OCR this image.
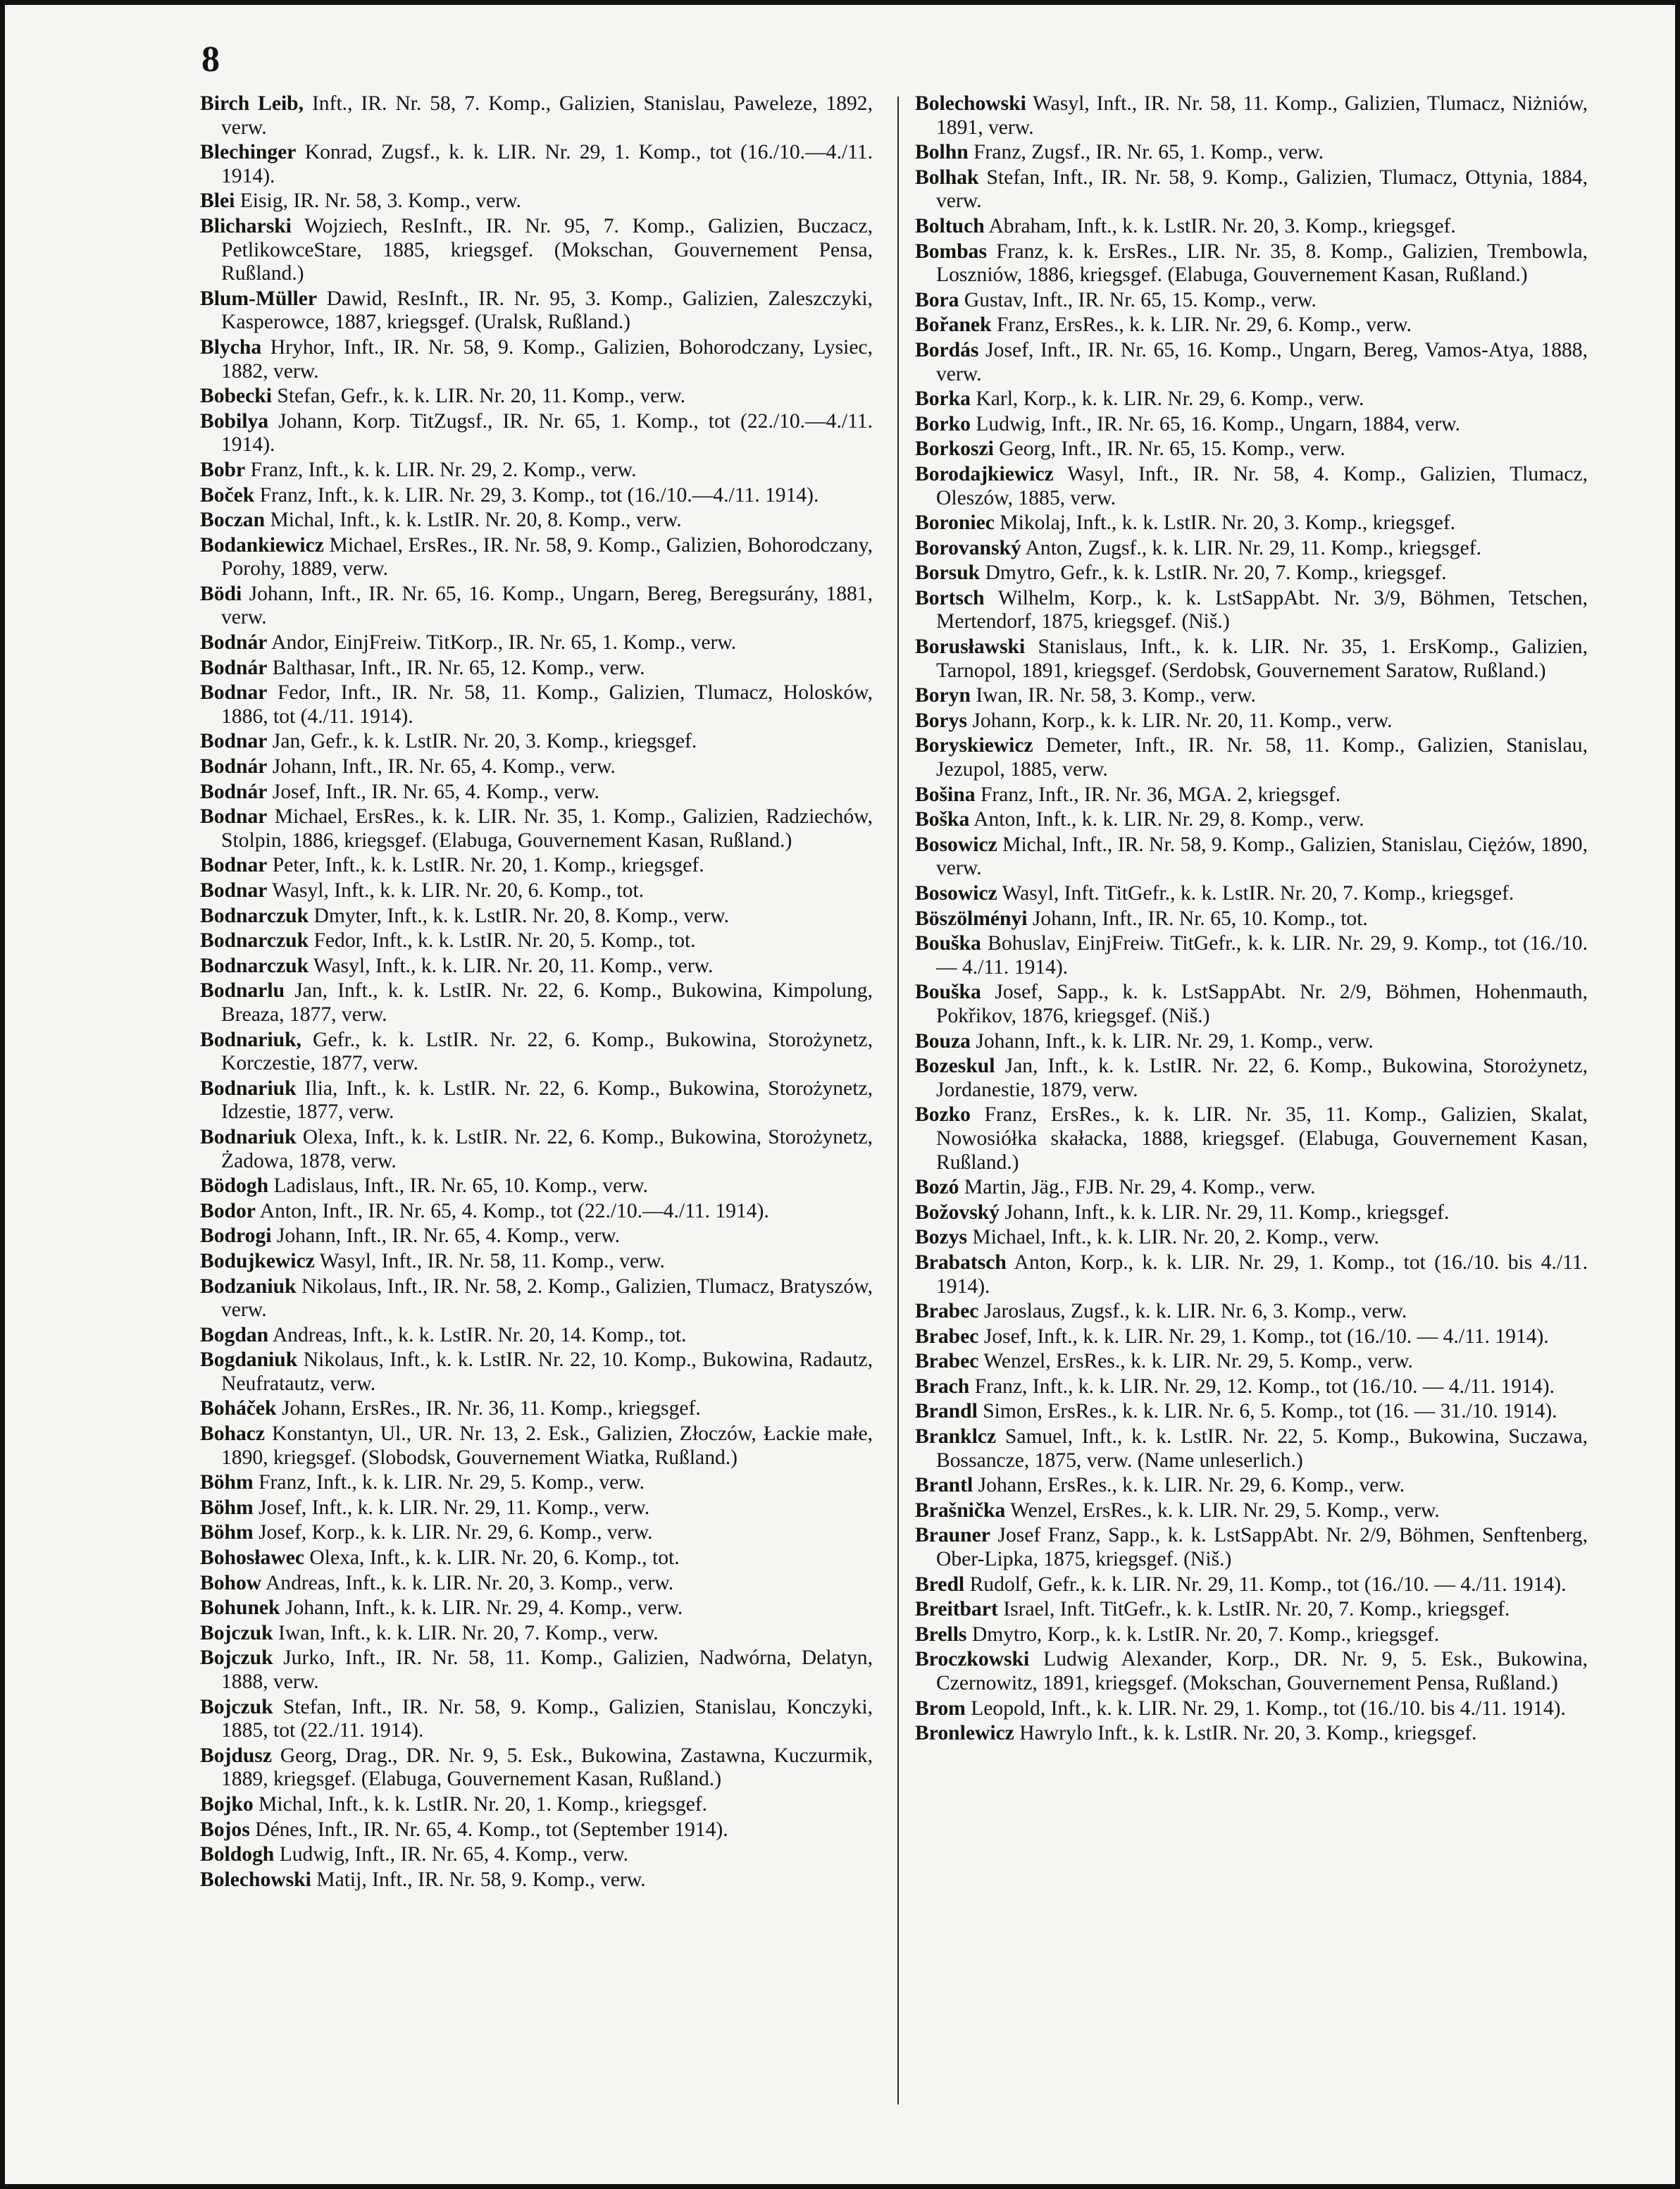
8

Birch Leib, Inft., IR. Nr. 58, 7. Komp., Galizien, Stanislau, Paweleze, 1892, verw.

Blechinger Konrad, Zugsf., k. k. LIR. Nr. 29, 1. Komp., tot (16./10.—4./11. 1914).

Blei Eisig, IR. Nr. 58, 3. Komp., verw.

Blicharski Wojziech, ResInft., IR. Nr. 95, 7. Komp., Galizien, Buczacz, PetlikowceStare, 1885, kriegsgef. (Mokschan, Gouvernement Pensa, Rußland.)

Blum-Müller Dawid, ResInft., IR. Nr. 95, 3. Komp., Galizien, Zaleszczyki, Kasperowce, 1887, kriegsgef. (Uralsk, Rußland.)

Blycha Hryhor, Inft., IR. Nr. 58, 9. Komp., Galizien, Bohorodczany, Lysiec, 1882, verw.

Bobecki Stefan, Gefr., k. k. LIR. Nr. 20, 11. Komp., verw.

Bobilya Johann, Korp. TitZugsf., IR. Nr. 65, 1. Komp., tot (22./10.—4./11. 1914).

Bobr Franz, Inft., k. k. LIR. Nr. 29, 2. Komp., verw.

Boček Franz, Inft., k. k. LIR. Nr. 29, 3. Komp., tot (16./10.—4./11. 1914).

Boczan Michal, Inft., k. k. LstIR. Nr. 20, 8. Komp., verw.

Bodankiewicz Michael, ErsRes., IR. Nr. 58, 9. Komp., Galizien, Bohorodczany, Porohy, 1889, verw.

Bödi Johann, Inft., IR. Nr. 65, 16. Komp., Ungarn, Bereg, Beregsurány, 1881, verw.

Bodnár Andor, EinjFreiw. TitKorp., IR. Nr. 65, 1. Komp., verw.

Bodnár Balthasar, Inft., IR. Nr. 65, 12. Komp., verw.

Bodnar Fedor, Inft., IR. Nr. 58, 11. Komp., Galizien, Tlumacz, Holosków, 1886, tot (4./11. 1914).

Bodnar Jan, Gefr., k. k. LstIR. Nr. 20, 3. Komp., kriegsgef.

Bodnár Johann, Inft., IR. Nr. 65, 4. Komp., verw.

Bodnár Josef, Inft., IR. Nr. 65, 4. Komp., verw.

Bodnar Michael, ErsRes., k. k. LIR. Nr. 35, 1. Komp., Galizien, Radziechów, Stolpin, 1886, kriegsgef. (Elabuga, Gouvernement Kasan, Rußland.)

Bodnar Peter, Inft., k. k. LstIR. Nr. 20, 1. Komp., kriegsgef.

Bodnar Wasyl, Inft., k. k. LIR. Nr. 20, 6. Komp., tot.

Bodnarczuk Dmyter, Inft., k. k. LstIR. Nr. 20, 8. Komp., verw.

Bodnarczuk Fedor, Inft., k. k. LstIR. Nr. 20, 5. Komp., tot.

Bodnarczuk Wasyl, Inft., k. k. LIR. Nr. 20, 11. Komp., verw.

Bodnarlu Jan, Inft., k. k. LstIR. Nr. 22, 6. Komp., Bukowina, Kimpolung, Breaza, 1877, verw.

Bodnariuk, Gefr., k. k. LstIR. Nr. 22, 6. Komp., Bukowina, Storożynetz, Korczestie, 1877, verw.

Bodnariuk Ilia, Inft., k. k. LstIR. Nr. 22, 6. Komp., Bukowina, Storożynetz, Idzestie, 1877, verw.

Bodnariuk Olexa, Inft., k. k. LstIR. Nr. 22, 6. Komp., Bukowina, Storożynetz, Żadowa, 1878, verw.

Bödogh Ladislaus, Inft., IR. Nr. 65, 10. Komp., verw.

Bodor Anton, Inft., IR. Nr. 65, 4. Komp., tot (22./10.—4./11. 1914).

Bodrogi Johann, Inft., IR. Nr. 65, 4. Komp., verw.

Bodujkewicz Wasyl, Inft., IR. Nr. 58, 11. Komp., verw.

Bodzaniuk Nikolaus, Inft., IR. Nr. 58, 2. Komp., Galizien, Tlumacz, Bratyszów, verw.

Bogdan Andreas, Inft., k. k. LstIR. Nr. 20, 14. Komp., tot.

Bogdaniuk Nikolaus, Inft., k. k. LstIR. Nr. 22, 10. Komp., Bukowina, Radautz, Neufratautz, verw.

Boháček Johann, ErsRes., IR. Nr. 36, 11. Komp., kriegsgef.

Bohacz Konstantyn, Ul., UR. Nr. 13, 2. Esk., Galizien, Złoczów, Łackie małe, 1890, kriegsgef. (Slobodsk, Gouvernement Wiatka, Rußland.)

Böhm Franz, Inft., k. k. LIR. Nr. 29, 5. Komp., verw.

Böhm Josef, Inft., k. k. LIR. Nr. 29, 11. Komp., verw.

Böhm Josef, Korp., k. k. LIR. Nr. 29, 6. Komp., verw.

Bohosławec Olexa, Inft., k. k. LIR. Nr. 20, 6. Komp., tot.

Bohow Andreas, Inft., k. k. LIR. Nr. 20, 3. Komp., verw.

Bohunek Johann, Inft., k. k. LIR. Nr. 29, 4. Komp., verw.

Bojczuk Iwan, Inft., k. k. LIR. Nr. 20, 7. Komp., verw.

Bojczuk Jurko, Inft., IR. Nr. 58, 11. Komp., Galizien, Nadwórna, Delatyn, 1888, verw.

Bojczuk Stefan, Inft., IR. Nr. 58, 9. Komp., Galizien, Stanislau, Konczyki, 1885, tot (22./11. 1914).

Bojdusz Georg, Drag., DR. Nr. 9, 5. Esk., Bukowina, Zastawna, Kuczurmik, 1889, kriegsgef. (Elabuga, Gouvernement Kasan, Rußland.)

Bojko Michal, Inft., k. k. LstIR. Nr. 20, 1. Komp., kriegsgef.

Bojos Dénes, Inft., IR. Nr. 65, 4. Komp., tot (September 1914).

Boldogh Ludwig, Inft., IR. Nr. 65, 4. Komp., verw.

Bolechowski Matij, Inft., IR. Nr. 58, 9. Komp., verw.

Bolechowski Wasyl, Inft., IR. Nr. 58, 11. Komp., Galizien, Tlumacz, Niżniów, 1891, verw.

Bolhn Franz, Zugsf., IR. Nr. 65, 1. Komp., verw.

Bolhak Stefan, Inft., IR. Nr. 58, 9. Komp., Galizien, Tlumacz, Ottynia, 1884, verw.

Boltuch Abraham, Inft., k. k. LstIR. Nr. 20, 3. Komp., kriegsgef.

Bombas Franz, k. k. ErsRes., LIR. Nr. 35, 8. Komp., Galizien, Trembowla, Loszniów, 1886, kriegsgef. (Elabuga, Gouvernement Kasan, Rußland.)

Bora Gustav, Inft., IR. Nr. 65, 15. Komp., verw.

Bořanek Franz, ErsRes., k. k. LIR. Nr. 29, 6. Komp., verw.

Bordás Josef, Inft., IR. Nr. 65, 16. Komp., Ungarn, Bereg, Vamos-Atya, 1888, verw.

Borka Karl, Korp., k. k. LIR. Nr. 29, 6. Komp., verw.

Borko Ludwig, Inft., IR. Nr. 65, 16. Komp., Ungarn, 1884, verw.

Borkoszi Georg, Inft., IR. Nr. 65, 15. Komp., verw.

Borodajkiewicz Wasyl, Inft., IR. Nr. 58, 4. Komp., Galizien, Tlumacz, Oleszów, 1885, verw.

Boroniec Mikolaj, Inft., k. k. LstIR. Nr. 20, 3. Komp., kriegsgef.

Borovanský Anton, Zugsf., k. k. LIR. Nr. 29, 11. Komp., kriegsgef.

Borsuk Dmytro, Gefr., k. k. LstIR. Nr. 20, 7. Komp., kriegsgef.

Bortsch Wilhelm, Korp., k. k. LstSappAbt. Nr. 3/9, Böhmen, Tetschen, Mertendorf, 1875, kriegsgef. (Niš.)

Borusławski Stanislaus, Inft., k. k. LIR. Nr. 35, 1. ErsKomp., Galizien, Tarnopol, 1891, kriegsgef. (Serdobsk, Gouvernement Saratow, Rußland.)

Boryn Iwan, IR. Nr. 58, 3. Komp., verw.

Borys Johann, Korp., k. k. LIR. Nr. 20, 11. Komp., verw.

Boryskiewicz Demeter, Inft., IR. Nr. 58, 11. Komp., Galizien, Stanislau, Jezupol, 1885, verw.

Bošina Franz, Inft., IR. Nr. 36, MGA. 2, kriegsgef.

Boška Anton, Inft., k. k. LIR. Nr. 29, 8. Komp., verw.

Bosowicz Michal, Inft., IR. Nr. 58, 9. Komp., Galizien, Stanislau, Ciężów, 1890, verw.

Bosowicz Wasyl, Inft. TitGefr., k. k. LstIR. Nr. 20, 7. Komp., kriegsgef.

Böszölményi Johann, Inft., IR. Nr. 65, 10. Komp., tot.

Bouška Bohuslav, EinjFreiw. TitGefr., k. k. LIR. Nr. 29, 9. Komp., tot (16./10. — 4./11. 1914).

Bouška Josef, Sapp., k. k. LstSappAbt. Nr. 2/9, Böhmen, Hohenmauth, Pokřikov, 1876, kriegsgef. (Niš.)

Bouza Johann, Inft., k. k. LIR. Nr. 29, 1. Komp., verw.

Bozeskul Jan, Inft., k. k. LstIR. Nr. 22, 6. Komp., Bukowina, Storożynetz, Jordanestie, 1879, verw.

Bozko Franz, ErsRes., k. k. LIR. Nr. 35, 11. Komp., Galizien, Skalat, Nowosiółka skałacka, 1888, kriegsgef. (Elabuga, Gouvernement Kasan, Rußland.)

Bozó Martin, Jäg., FJB. Nr. 29, 4. Komp., verw.

Božovský Johann, Inft., k. k. LIR. Nr. 29, 11. Komp., kriegsgef.

Bozys Michael, Inft., k. k. LIR. Nr. 20, 2. Komp., verw.

Brabatsch Anton, Korp., k. k. LIR. Nr. 29, 1. Komp., tot (16./10. bis 4./11. 1914).

Brabec Jaroslaus, Zugsf., k. k. LIR. Nr. 6, 3. Komp., verw.

Brabec Josef, Inft., k. k. LIR. Nr. 29, 1. Komp., tot (16./10. — 4./11. 1914).

Brabec Wenzel, ErsRes., k. k. LIR. Nr. 29, 5. Komp., verw.

Brach Franz, Inft., k. k. LIR. Nr. 29, 12. Komp., tot (16./10. — 4./11. 1914).

Brandl Simon, ErsRes., k. k. LIR. Nr. 6, 5. Komp., tot (16. — 31./10. 1914).

Branklcz Samuel, Inft., k. k. LstIR. Nr. 22, 5. Komp., Bukowina, Suczawa, Bossancze, 1875, verw. (Name unleserlich.)

Brantl Johann, ErsRes., k. k. LIR. Nr. 29, 6. Komp., verw.

Brašnička Wenzel, ErsRes., k. k. LIR. Nr. 29, 5. Komp., verw.

Brauner Josef Franz, Sapp., k. k. LstSappAbt. Nr. 2/9, Böhmen, Senftenberg, Ober-Lipka, 1875, kriegsgef. (Niš.)

Bredl Rudolf, Gefr., k. k. LIR. Nr. 29, 11. Komp., tot (16./10. — 4./11. 1914).

Breitbart Israel, Inft. TitGefr., k. k. LstIR. Nr. 20, 7. Komp., kriegsgef.

Brells Dmytro, Korp., k. k. LstIR. Nr. 20, 7. Komp., kriegsgef.

Broczkowski Ludwig Alexander, Korp., DR. Nr. 9, 5. Esk., Bukowina, Czernowitz, 1891, kriegsgef. (Mokschan, Gouvernement Pensa, Rußland.)

Brom Leopold, Inft., k. k. LIR. Nr. 29, 1. Komp., tot (16./10. bis 4./11. 1914).

Bronlewicz Hawrylo Inft., k. k. LstIR. Nr. 20, 3. Komp., kriegsgef.
